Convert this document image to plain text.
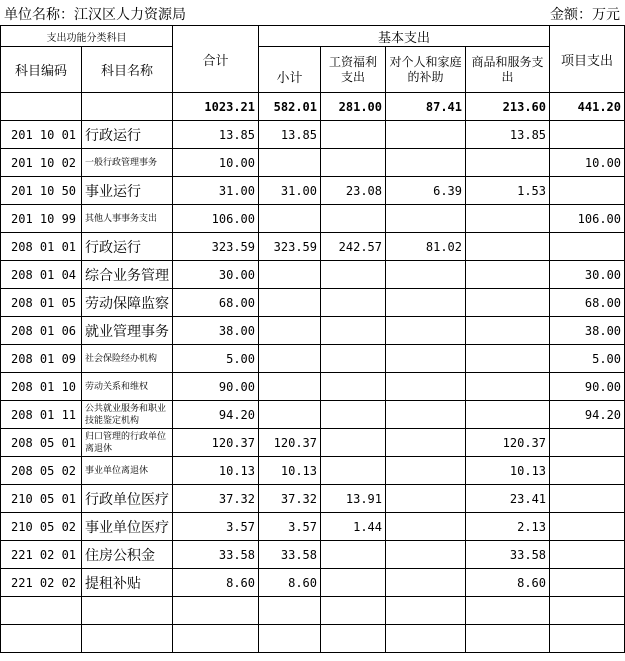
单位名称：江汉区人力资源局	金额：万元
支出功能分类科目		合计	基本支出				项目支出
科目编码	科目名称		小计	工资福利支出	对个人和家庭的补助	商品和服务支出	
		1023.21	582.01	281.00	87.41	213.60	441.20
201 10 01	行政运行	13.85	13.85			13.85	
201 10 02	一般行政管理事务	10.00					10.00
201 10 50	事业运行	31.00	31.00	23.08	6.39	1.53	
201 10 99	其他人事事务支出	106.00					106.00
208 01 01	行政运行	323.59	323.59	242.57	81.02		
208 01 04	综合业务管理	30.00					30.00
208 01 05	劳动保障监察	68.00					68.00
208 01 06	就业管理事务	38.00					38.00
208 01 09	社会保险经办机构	5.00					5.00
208 01 10	劳动关系和维权	90.00					90.00
208 01 11	公共就业服务和职业技能鉴定机构	94.20					94.20
208 05 01	归口管理的行政单位离退休	120.37	120.37			120.37	
208 05 02	事业单位离退休	10.13	10.13			10.13	
210 05 01	行政单位医疗	37.32	37.32	13.91		23.41	
210 05 02	事业单位医疗	3.57	3.57	1.44		2.13	
221 02 01	住房公积金	33.58	33.58			33.58	
221 02 02	提租补贴	8.60	8.60			8.60	
